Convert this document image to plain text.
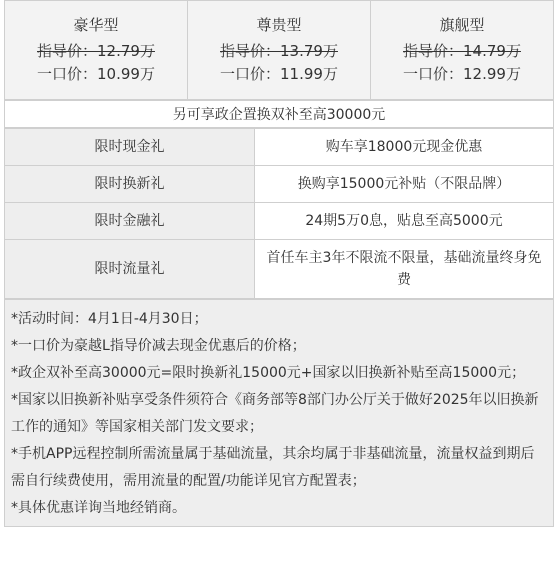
豪华型
指导价：12.79万
一口价：10.99万

尊贵型
指导价：13.79万
一口价：11.99万

旗舰型
指导价：14.79万
一口价：12.99万
另可享政企置换双补至高30000元
限时现金礼	购车享18000元现金优惠
限时换新礼	换购享15000元补贴（不限品牌）
限时金融礼	24期5万0息，贴息至高5000元
限时流量礼	首任车主3年不限流不限量，基础流量终身免费
*活动时间：4月1日-4月30日；
*一口价为豪越L指导价减去现金优惠后的价格；
*政企双补至高30000元=限时换新礼15000元+国家以旧换新补贴至高15000元；
*国家以旧换新补贴享受条件须符合《商务部等8部门办公厅关于做好2025年以旧换新工作的通知》等国家相关部门发文要求；
*手机APP远程控制所需流量属于基础流量，其余均属于非基础流量，流量权益到期后需自行续费使用，需用流量的配置/功能详见官方配置表；
*具体优惠详询当地经销商。
